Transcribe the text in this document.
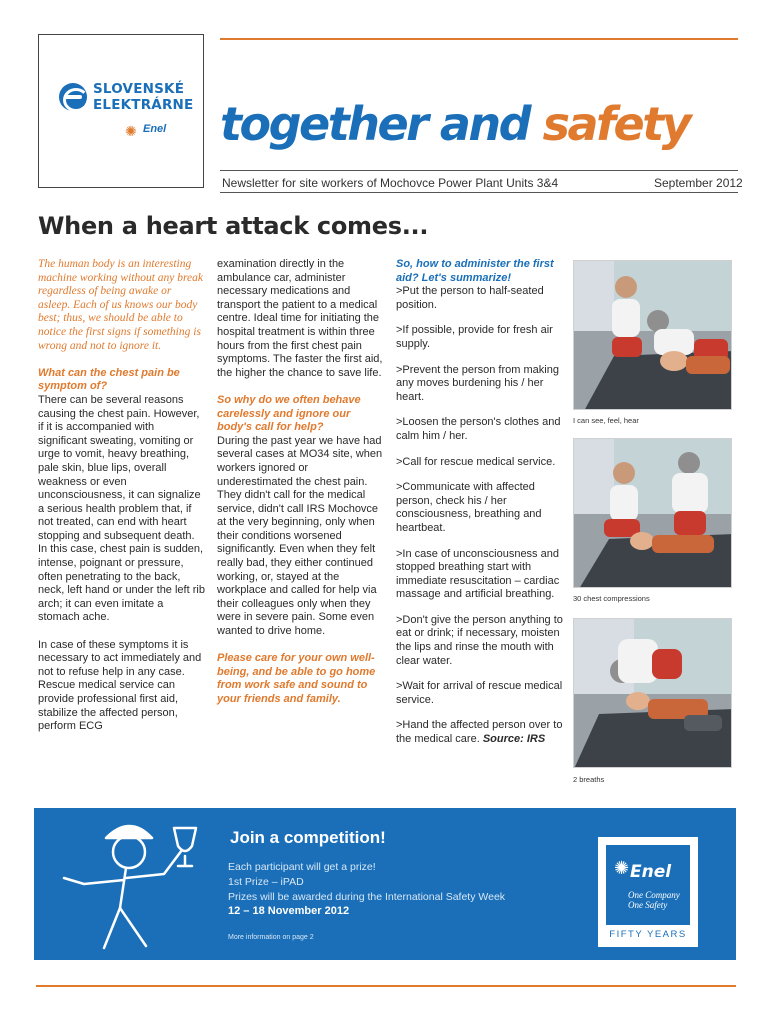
SLOVENSKÉ
ELEKTRÁRNE
✺ Enel together and safety
Newsletter for site workers of Mochovce Power Plant Units 3&4	September 2012
When a heart attack comes...

The human body is an interesting machine working without any break regardless of being awake or asleep. Each of us knows our body best; thus, we should be able to notice the first signs if something is wrong and not to ignore it.

What can the chest pain be symptom of?

There can be several reasons causing the chest pain. However, if it is accompanied with significant sweating, vomiting or urge to vomit, heavy breathing, pale skin, blue lips, overall weakness or even unconsciousness, it can signalize a serious health problem that, if not treated, can end with heart stopping and subsequent death. In this case, chest pain is sudden, intense, poignant or pressure, often penetrating to the back, neck, left hand or under the left rib arch; it can even imitate a stomach ache.

In case of these symptoms it is necessary to act immediately and not to refuse help in any case. Rescue medical service can provide professional first aid, stabilize the affected person, perform ECG

examination directly in the ambulance car, administer necessary medications and transport the patient to a medical centre. Ideal time for initiating the hospital treatment is within three hours from the first chest pain symptoms. The faster the first aid, the higher the chance to save life.

So why do we often behave carelessly and ignore our body's call for help?

During the past year we have had several cases at MO34 site, when workers ignored or underestimated the chest pain. They didn't call for the medical service, didn't call IRS Mochovce at the very beginning, only when their conditions worsened significantly. Even when they felt really bad, they either continued working, or, stayed at the workplace and called for help via their colleagues only when they were in severe pain. Some even wanted to drive home.

Please care for your own well-being, and be able to go home from work safe and sound to your friends and family.

So, how to administer the first aid? Let's summarize!
>Put the person to half-seated position.
>If possible, provide for fresh air supply.
>Prevent the person from making any moves burdening his / her heart.
>Loosen the person's clothes and calm him / her.
>Call for rescue medical service.
>Communicate with affected person, check his / her consciousness, breathing and heartbeat.
>In case of unconsciousness and stopped breathing start with immediate resuscitation – cardiac massage and artificial breathing.
>Don't give the person anything to eat or drink; if necessary, moisten the lips and rinse the mouth with clear water.
>Wait for arrival of rescue medical service.
>Hand the affected person over to the medical care. Source: IRS
I can see, feel, hear
30 chest compressions
2 breaths
Join a competition!
Each participant will get a prize!
1st Prize – iPAD
Prizes will be awarded during the International Safety Week
12 – 18 November 2012
More information on page 2
✺ Enel
One Company
One Safety
FIFTY YEARS
